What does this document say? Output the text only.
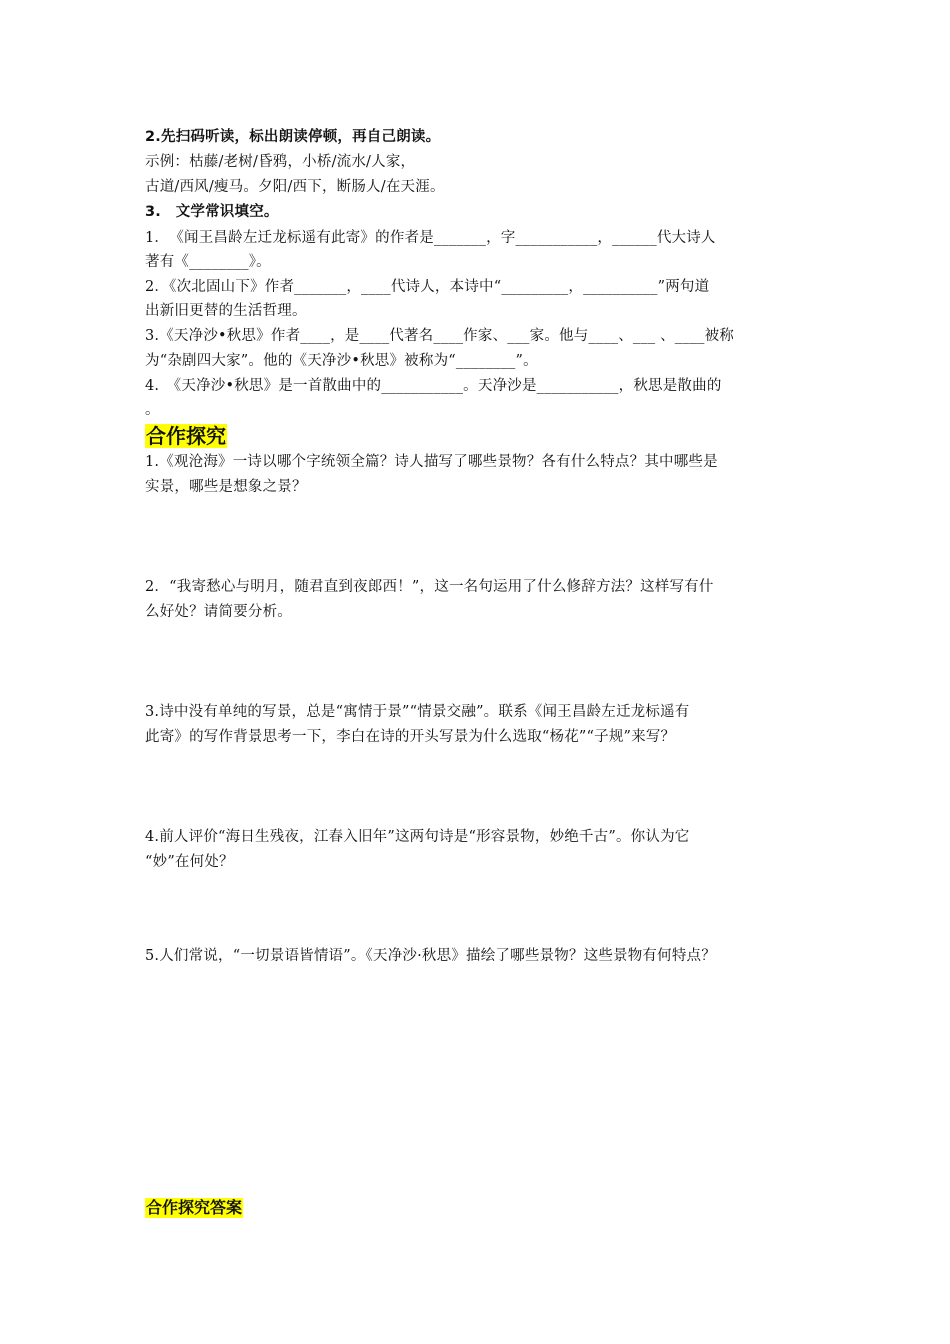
2.先扫码听读，标出朗读停顿，再自己朗读。
示例：枯藤/老树/昏鸦，小桥/流水/人家，
古道/西风/瘦马。夕阳/西下，断肠人/在天涯。
3.　文学常识填空。
1．　《闻王昌龄左迁龙标遥有此寄》的作者是_______，字___________，______代大诗人
著有《________》。
2．《次北固山下》作者_______，____代诗人，本诗中“_________，__________”两句道
出新旧更替的生活哲理。
3.《天净沙•秋思》作者____，是____代著名____作家、___家。他与____、___ 、____被称
为“杂剧四大家”。他的《天净沙•秋思》被称为“________”。
4.　《天净沙•秋思》是一首散曲中的___________。天净沙是___________，秋思是散曲的
。
合作探究
1.《观沧海》一诗以哪个字统领全篇？诗人描写了哪些景物？各有什么特点？其中哪些是
实景，哪些是想象之景？
2．“我寄愁心与明月，随君直到夜郎西！”，这一名句运用了什么修辞方法？这样写有什
么好处？请简要分析。
3.诗中没有单纯的写景，总是“寓情于景”“情景交融”。联系《闻王昌龄左迁龙标遥有
此寄》的写作背景思考一下，李白在诗的开头写景为什么选取“杨花”“子规”来写？
4.前人评价“海日生残夜，江春入旧年”这两句诗是“形容景物，妙绝千古”。你认为它
“妙”在何处？
5.人们常说，“一切景语皆情语”。《天净沙·秋思》描绘了哪些景物？这些景物有何特点？
合作探究答案
